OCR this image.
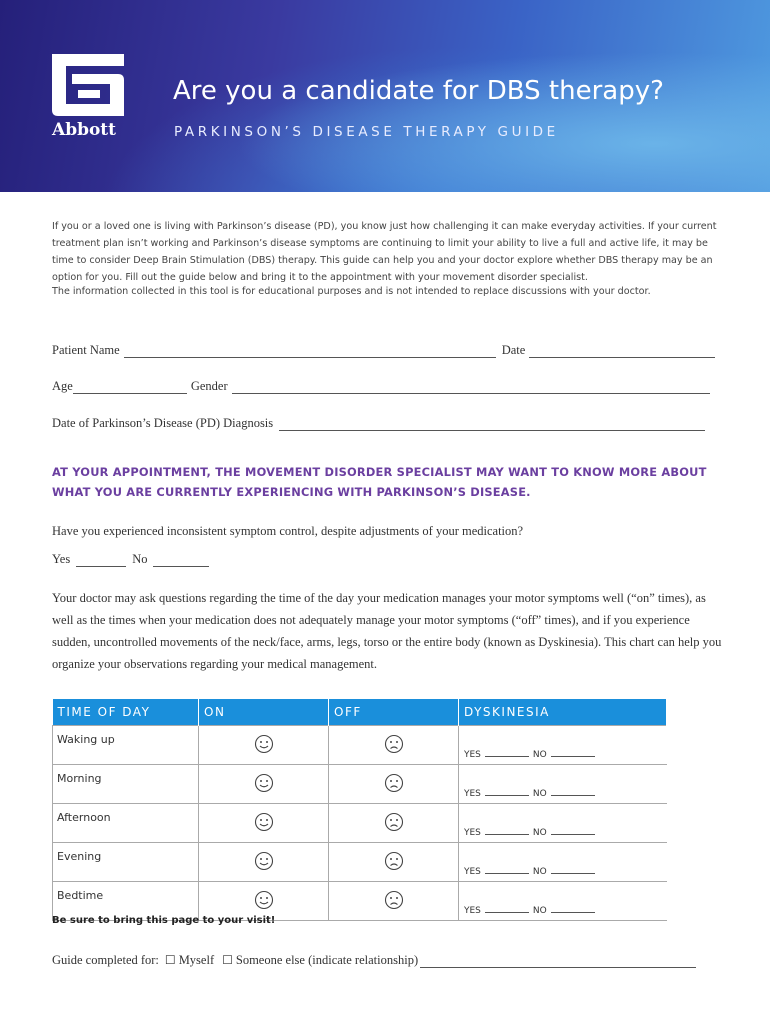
Abbott
Are you a candidate for DBS therapy?
PARKINSON’S DISEASE THERAPY GUIDE

If you or a loved one is living with Parkinson’s disease (PD), you know just how challenging it can make everyday activities. If your current treatment plan isn’t working and Parkinson’s disease symptoms are continuing to limit your ability to live a full and active life, it may be time to consider Deep Brain Stimulation (DBS) therapy. This guide can help you and your doctor explore whether DBS therapy may be an option for you. Fill out the guide below and bring it to the appointment with your movement disorder specialist.

The information collected in this tool is for educational purposes and is not intended to replace discussions with your doctor.

Patient Name	Date
Age	Gender
Date of Parkinson’s Disease (PD) Diagnosis

AT YOUR APPOINTMENT, THE MOVEMENT DISORDER SPECIALIST MAY WANT TO KNOW MORE ABOUT WHAT YOU ARE CURRENTLY EXPERIENCING WITH PARKINSON’S DISEASE.

Have you experienced inconsistent symptom control, despite adjustments of your medication?
Yes	No

Your doctor may ask questions regarding the time of the day your medication manages your motor symptoms well (“on” times), as well as the times when your medication does not adequately manage your motor symptoms (“off” times), and if you experience sudden, uncontrolled movements of the neck/face, arms, legs, torso or the entire body (known as Dyskinesia). This chart can help you organize your observations regarding your medical management.

TIME OF DAY	ON	OFF	DYSKINESIA
Waking up			YES NO
Morning			YES NO
Afternoon			YES NO
Evening			YES NO
Bedtime			YES NO
Be sure to bring this page to your visit!
Guide completed for: ☐ Myself ☐ Someone else (indicate relationship)
